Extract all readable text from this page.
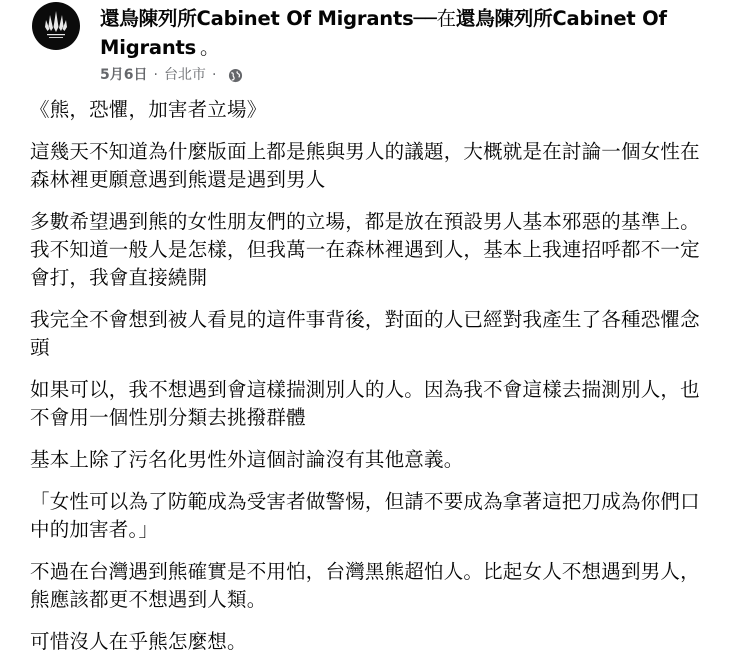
還鳥陳列所Cabinet Of Migrants──在還鳥陳列所Cabinet Of Migrants 。
5月6日 · 台北市 ·

《熊，恐懼，加害者立場》

這幾天不知道為什麼版面上都是熊與男人的議題，大概就是在討論一個女性在森林裡更願意遇到熊還是遇到男人

多數希望遇到熊的女性朋友們的立場，都是放在預設男人基本邪惡的基準上。我不知道一般人是怎樣，但我萬一在森林裡遇到人，基本上我連招呼都不一定會打，我會直接繞開

我完全不會想到被人看見的這件事背後，對面的人已經對我產生了各種恐懼念頭

如果可以，我不想遇到會這樣揣測別人的人。因為我不會這樣去揣測別人，也不會用一個性別分類去挑撥群體

基本上除了污名化男性外這個討論沒有其他意義。

「女性可以為了防範成為受害者做警惕，但請不要成為拿著這把刀成為你們口中的加害者。」

不過在台灣遇到熊確實是不用怕，台灣黑熊超怕人。比起女人不想遇到男人，熊應該都更不想遇到人類。

可惜沒人在乎熊怎麼想。
